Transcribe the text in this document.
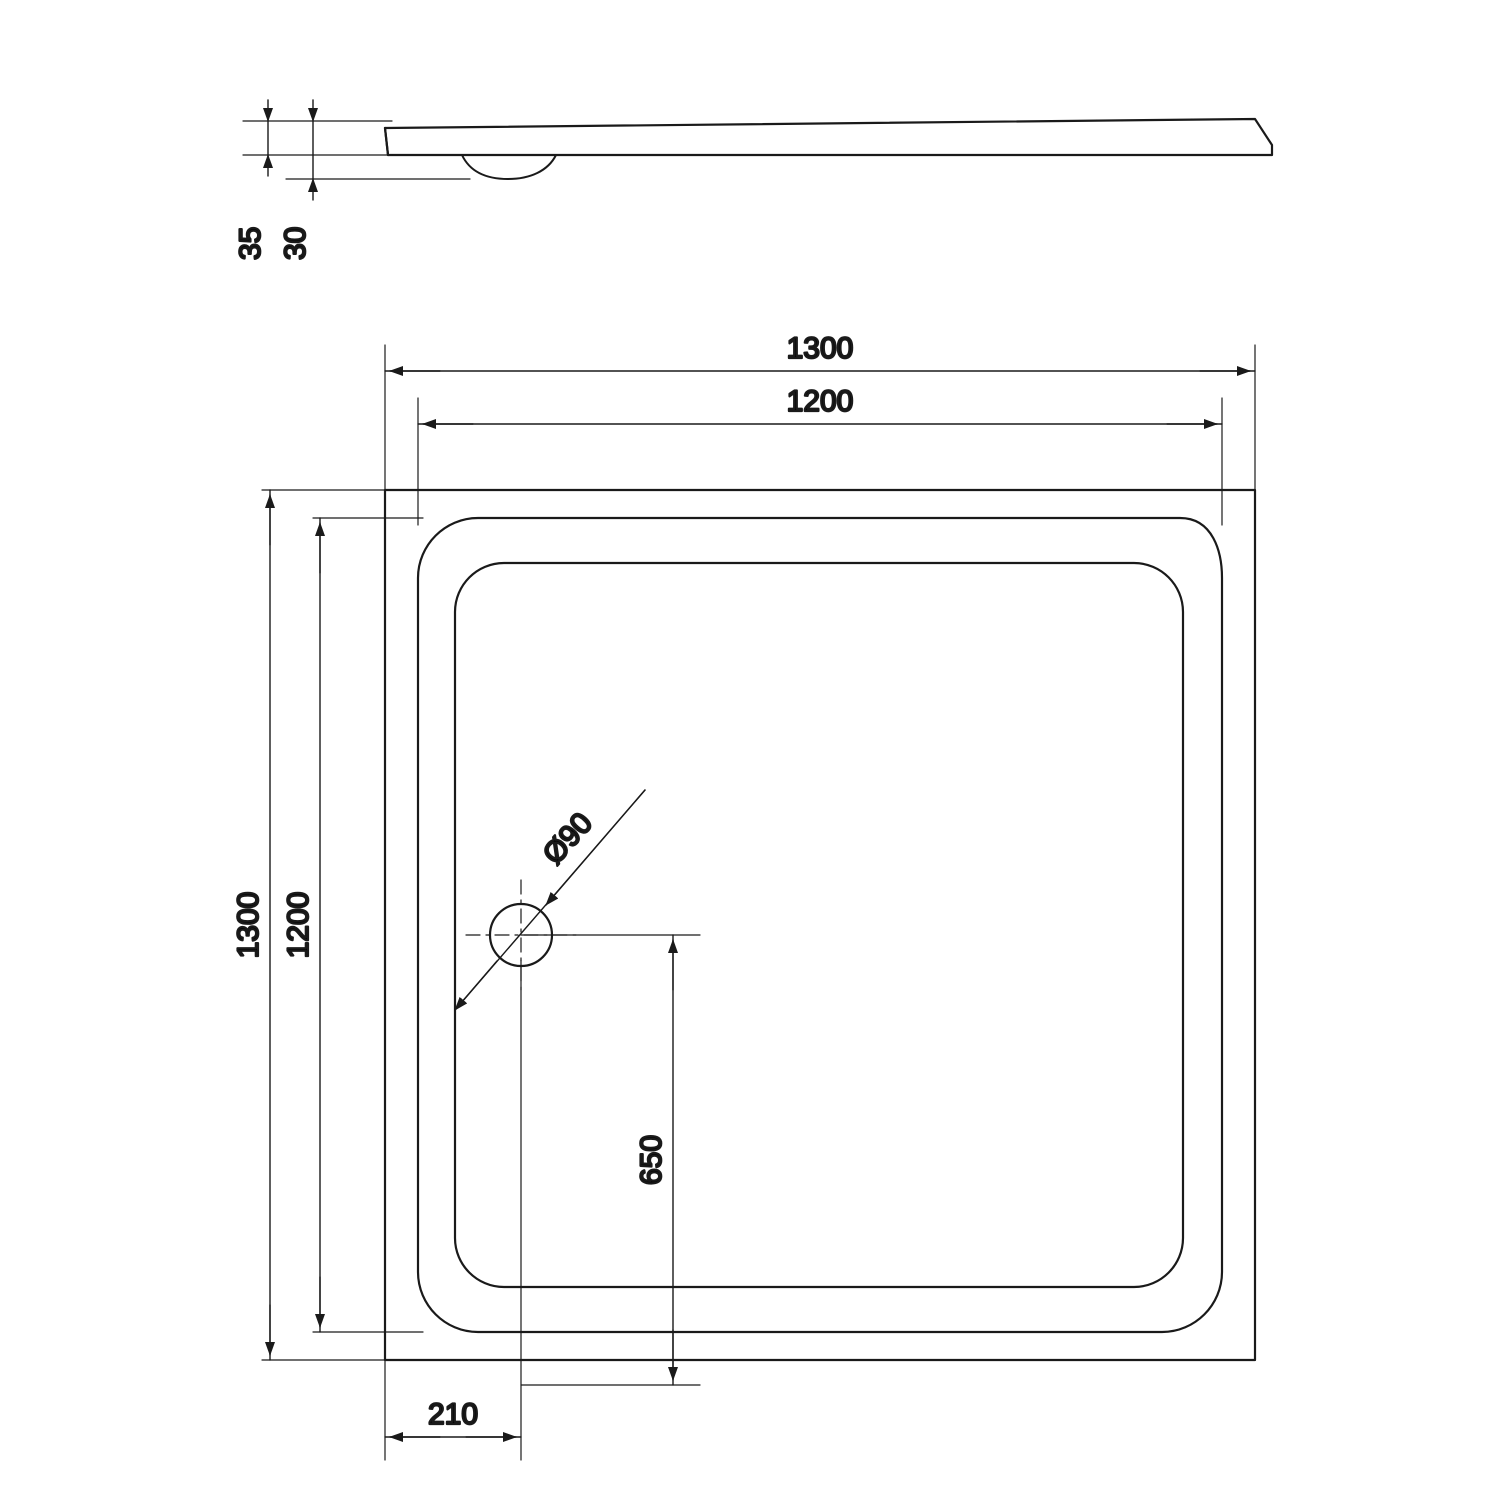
35 30
Ø90
1300
1200
1300 1200
650
210
